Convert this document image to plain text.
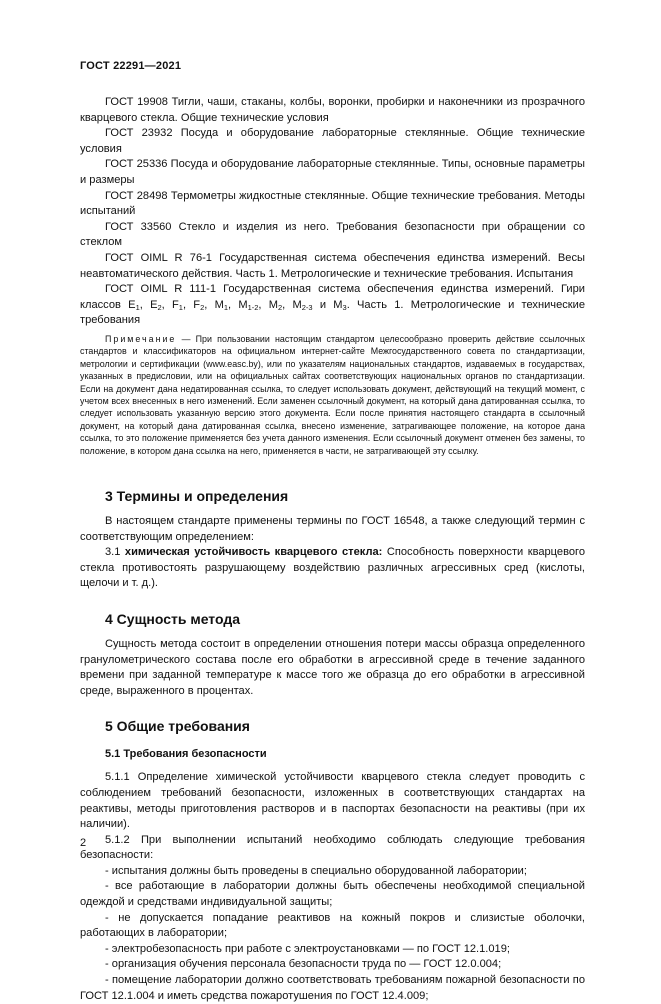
ГОСТ 22291—2021

ГОСТ 19908 Тигли, чаши, стаканы, колбы, воронки, пробирки и наконечники из прозрачного кварцевого стекла. Общие технические условия

ГОСТ 23932 Посуда и оборудование лабораторные стеклянные. Общие технические условия

ГОСТ 25336 Посуда и оборудование лабораторные стеклянные. Типы, основные параметры и размеры

ГОСТ 28498 Термометры жидкостные стеклянные. Общие технические требования. Методы испытаний

ГОСТ 33560 Стекло и изделия из него. Требования безопасности при обращении со стеклом

ГОСТ OIML R 76-1 Государственная система обеспечения единства измерений. Весы неавтоматического действия. Часть 1. Метрологические и технические требования. Испытания

ГОСТ OIML R 111-1 Государственная система обеспечения единства измерений. Гири классов $E_1$, $E_2$, $F_1$, $F_2$, $M_1$, $M_{1-2}$, $M_2$, $M_{2-3}$ и $M_3$. Часть 1. Метрологические и технические требования

Примечание — При пользовании настоящим стандартом целесообразно проверить действие ссылочных стандартов и классификаторов на официальном интернет-сайте Межгосударственного совета по стандартизации, метрологии и сертификации (www.easc.by), или по указателям национальных стандартов, издаваемых в государствах, указанных в предисловии, или на официальных сайтах соответствующих национальных органов по стандартизации. Если на документ дана недатированная ссылка, то следует использовать документ, действующий на текущий момент, с учетом всех внесенных в него изменений. Если заменен ссылочный документ, на который дана датированная ссылка, то следует использовать указанную версию этого документа. Если после принятия настоящего стандарта в ссылочный документ, на который дана датированная ссылка, внесено изменение, затрагивающее положение, на которое дана ссылка, то это положение применяется без учета данного изменения. Если ссылочный документ отменен без замены, то положение, в котором дана ссылка на него, применяется в части, не затрагивающей эту ссылку.

3 Термины и определения

В настоящем стандарте применены термины по ГОСТ 16548, а также следующий термин с соответствующим определением:

3.1 химическая устойчивость кварцевого стекла: Способность поверхности кварцевого стекла противостоять разрушающему воздействию различных агрессивных сред (кислоты, щелочи и т. д.).

4 Сущность метода

Сущность метода состоит в определении отношения потери массы образца определенного гранулометрического состава после его обработки в агрессивной среде в течение заданного времени при заданной температуре к массе того же образца до его обработки в агрессивной среде, выраженного в процентах.

5 Общие требования
5.1 Требования безопасности

5.1.1 Определение химической устойчивости кварцевого стекла следует проводить с соблюдением требований безопасности, изложенных в соответствующих стандартах на реактивы, методы приготовления растворов и в паспортах безопасности на реактивы (при их наличии).

5.1.2 При выполнении испытаний необходимо соблюдать следующие требования безопасности:

- испытания должны быть проведены в специально оборудованной лаборатории;

- все работающие в лаборатории должны быть обеспечены необходимой специальной одеждой и средствами индивидуальной защиты;

- не допускается попадание реактивов на кожный покров и слизистые оболочки, работающих в лаборатории;

- электробезопасность при работе с электроустановками — по ГОСТ 12.1.019;

- организация обучения персонала безопасности труда по — ГОСТ 12.0.004;

- помещение лаборатории должно соответствовать требованиям пожарной безопасности по ГОСТ 12.1.004 и иметь средства пожаротушения по ГОСТ 12.4.009;

2
